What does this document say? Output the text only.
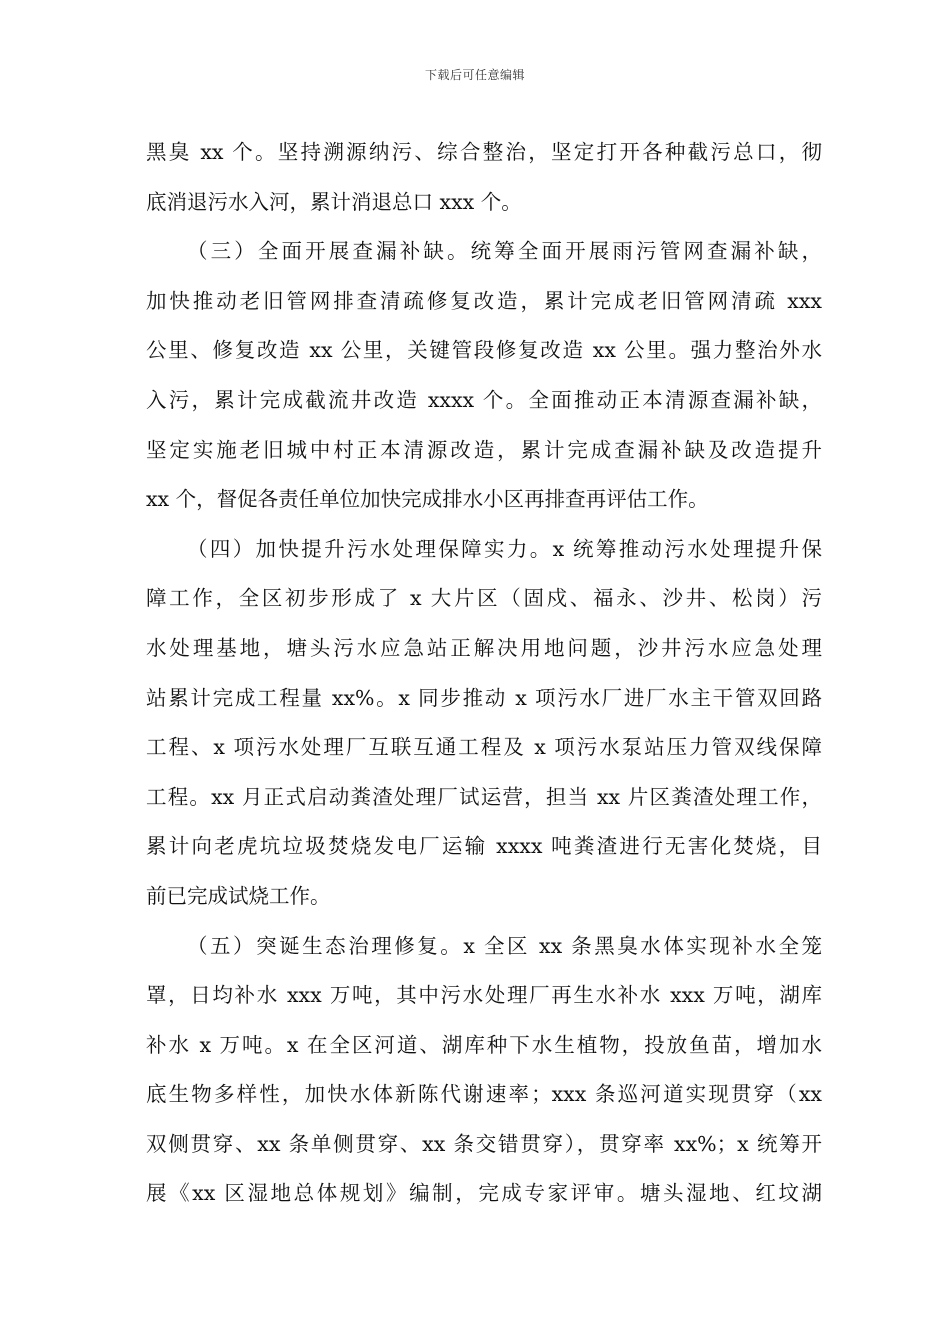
下载后可任意编辑
黑臭 xx 个。坚持溯源纳污、综合整治，坚定打开各种截污总口，彻
底消退污水入河，累计消退总口 xxx 个。
（三）全面开展查漏补缺。统筹全面开展雨污管网查漏补缺，
加快推动老旧管网排查清疏修复改造，累计完成老旧管网清疏 xxx
公里、修复改造 xx 公里，关键管段修复改造 xx 公里。强力整治外水
入污，累计完成截流井改造 xxxx 个。全面推动正本清源查漏补缺，
坚定实施老旧城中村正本清源改造，累计完成查漏补缺及改造提升
xx 个，督促各责任单位加快完成排水小区再排查再评估工作。
（四）加快提升污水处理保障实力。x 统筹推动污水处理提升保
障工作，全区初步形成了 x 大片区（固戍、福永、沙井、松岗）污
水处理基地，塘头污水应急站正解决用地问题，沙井污水应急处理
站累计完成工程量 xx%。x 同步推动 x 项污水厂进厂水主干管双回路
工程、x 项污水处理厂互联互通工程及 x 项污水泵站压力管双线保障
工程。xx 月正式启动粪渣处理厂试运营，担当 xx 片区粪渣处理工作，
累计向老虎坑垃圾焚烧发电厂运输 xxxx 吨粪渣进行无害化焚烧，目
前已完成试烧工作。
（五）突诞生态治理修复。x 全区 xx 条黑臭水体实现补水全笼
罩，日均补水 xxx 万吨，其中污水处理厂再生水补水 xxx 万吨，湖库
补水 x 万吨。x 在全区河道、湖库种下水生植物，投放鱼苗，增加水
底生物多样性，加快水体新陈代谢速率；xxx 条巡河道实现贯穿（xx
双侧贯穿、xx 条单侧贯穿、xx 条交错贯穿），贯穿率 xx%；x 统筹开
展《xx 区湿地总体规划》编制，完成专家评审。塘头湿地、红坟湖
